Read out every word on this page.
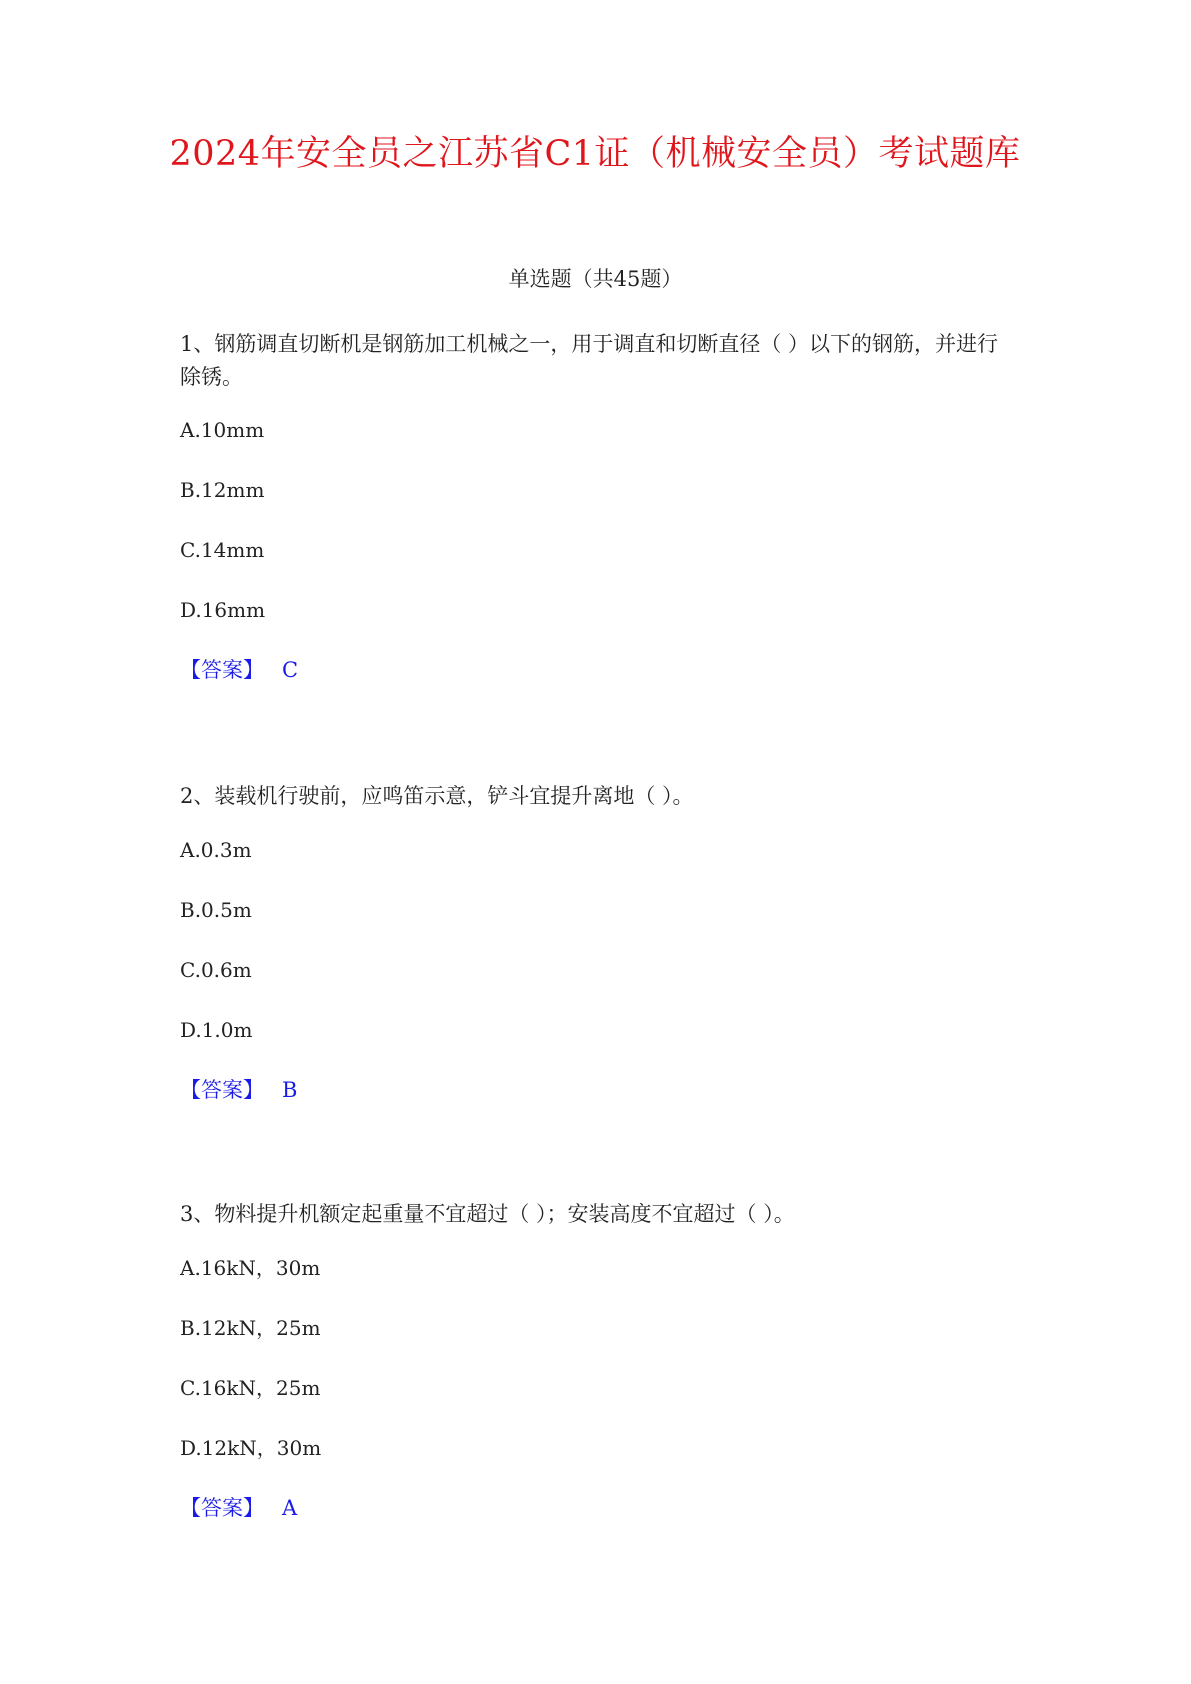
2024年安全员之江苏省C1证（机械安全员）考试题库
单选题（共45题）

1、钢筋调直切断机是钢筋加工机械之一，用于调直和切断直径（ ）以下的钢筋，并进行除锈。

A.10mm

B.12mm

C.14mm

D.16mm

【答案】 C

2、装载机行驶前，应鸣笛示意，铲斗宜提升离地（ ）。

A.0.3m

B.0.5m

C.0.6m

D.1.0m

【答案】 B

3、物料提升机额定起重量不宜超过（ ）；安装高度不宜超过（ ）。

A.16kN，30m

B.12kN，25m

C.16kN，25m

D.12kN，30m

【答案】 A
